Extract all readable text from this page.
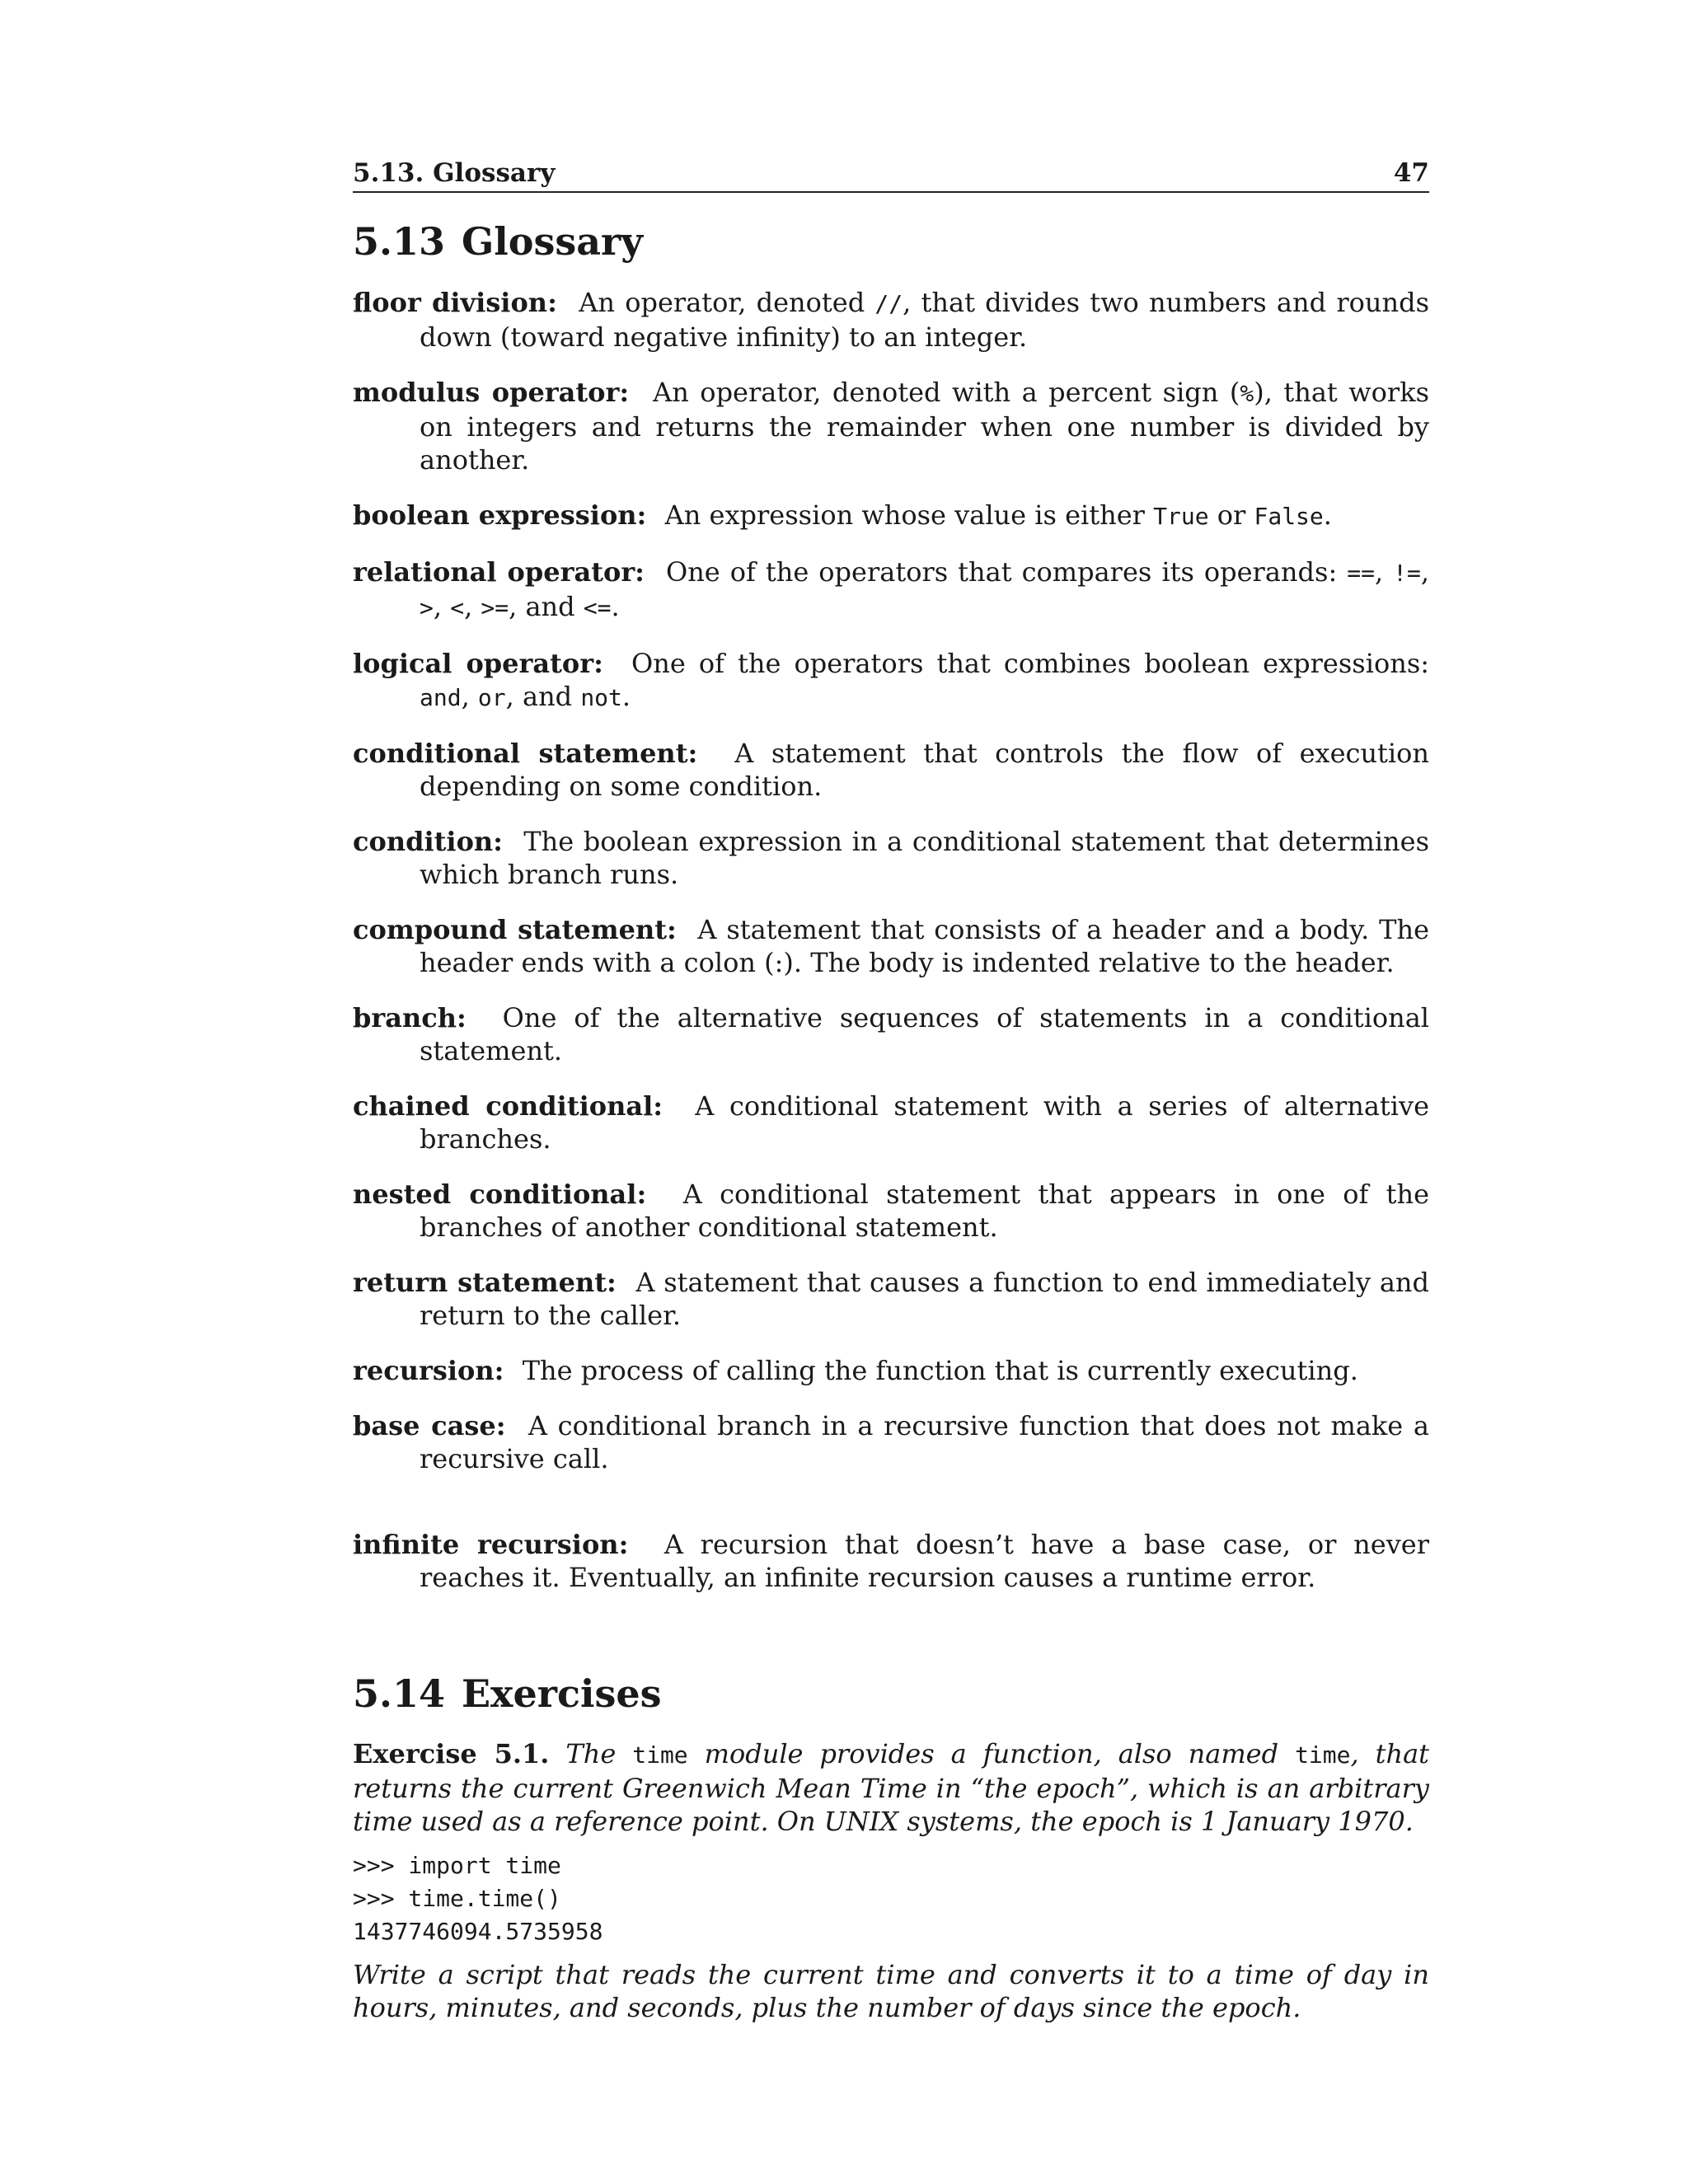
5.13. Glossary	47
5.13 Glossary

floor division: An operator, denoted //, that divides two numbers and rounds down (toward negative infinity) to an integer.

modulus operator: An operator, denoted with a percent sign (%), that works on integers and returns the remainder when one number is divided by another.

boolean expression: An expression whose value is either True or False.

relational operator: One of the operators that compares its operands: ==, !=, >, <, >=, and <=.

logical operator: One of the operators that combines boolean expressions: and, or, and not.

conditional statement: A statement that controls the flow of execution depending on some condition.

condition: The boolean expression in a conditional statement that determines which branch runs.

compound statement: A statement that consists of a header and a body. The header ends with a colon (:). The body is indented relative to the header.

branch: One of the alternative sequences of statements in a conditional statement.

chained conditional: A conditional statement with a series of alternative branches.

nested conditional: A conditional statement that appears in one of the branches of another conditional statement.

return statement: A statement that causes a function to end immediately and return to the caller.

recursion: The process of calling the function that is currently executing.

base case: A conditional branch in a recursive function that does not make a recursive call.

infinite recursion: A recursion that doesn’t have a base case, or never reaches it. Eventually, an infinite recursion causes a runtime error.

5.14 Exercises

Exercise 5.1. The time module provides a function, also named time, that returns the current Greenwich Mean Time in “the epoch”, which is an arbitrary time used as a reference point. On UNIX systems, the epoch is 1 January 1970.

>>> import time
>>> time.time()
1437746094.5735958

Write a script that reads the current time and converts it to a time of day in hours, minutes, and seconds, plus the number of days since the epoch.
